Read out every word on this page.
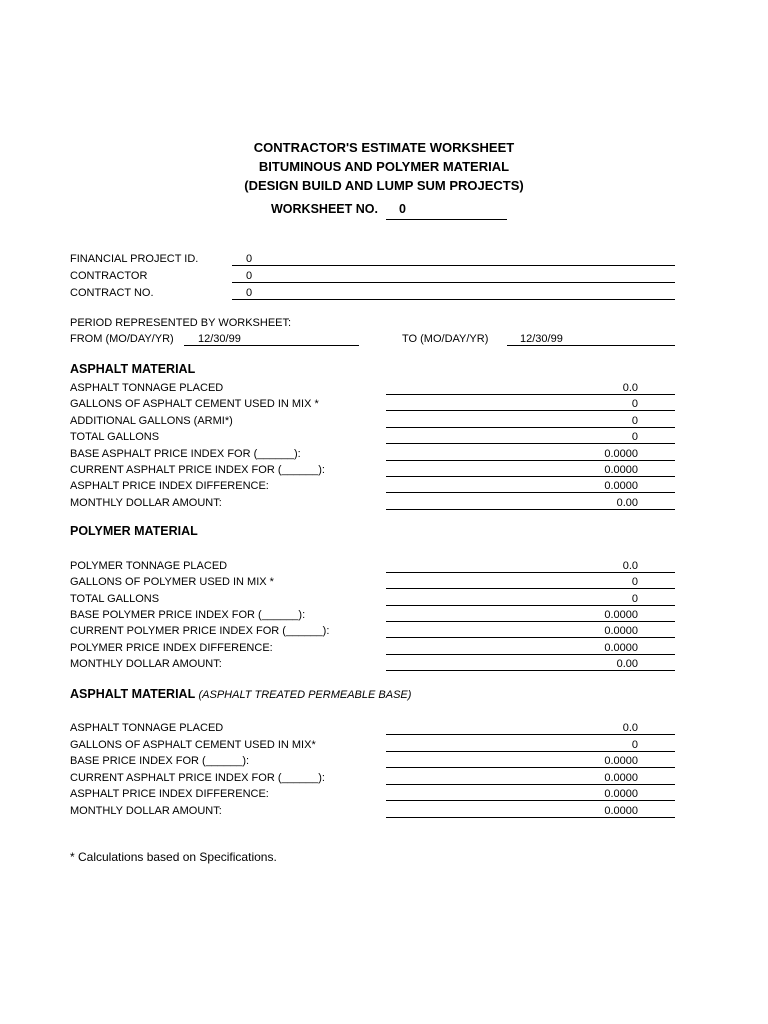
CONTRACTOR'S ESTIMATE WORKSHEET
BITUMINOUS AND POLYMER MATERIAL
(DESIGN BUILD AND LUMP SUM PROJECTS)
WORKSHEET NO.	0
FINANCIAL PROJECT ID.	0
CONTRACTOR	0
CONTRACT NO.	0
PERIOD REPRESENTED BY WORKSHEET:
FROM (MO/DAY/YR)	12/30/99	TO (MO/DAY/YR)	12/30/99
ASPHALT MATERIAL
ASPHALT TONNAGE PLACED	0.0
GALLONS OF ASPHALT CEMENT USED IN MIX *	0
ADDITIONAL GALLONS (ARMI*)	0
TOTAL GALLONS	0
BASE ASPHALT PRICE INDEX FOR (______):	0.0000
CURRENT ASPHALT PRICE INDEX FOR (______):	0.0000
ASPHALT PRICE INDEX DIFFERENCE:	0.0000
MONTHLY DOLLAR AMOUNT:	0.00
POLYMER MATERIAL
POLYMER TONNAGE PLACED	0.0
GALLONS OF POLYMER USED IN MIX *	0
TOTAL GALLONS	0
BASE POLYMER PRICE INDEX FOR (______):	0.0000
CURRENT POLYMER PRICE INDEX FOR (______):	0.0000
POLYMER PRICE INDEX DIFFERENCE:	0.0000
MONTHLY DOLLAR AMOUNT:	0.00
ASPHALT MATERIAL (ASPHALT TREATED PERMEABLE BASE)
ASPHALT TONNAGE PLACED	0.0
GALLONS OF ASPHALT CEMENT USED IN MIX*	0
BASE PRICE INDEX FOR (______):	0.0000
CURRENT ASPHALT PRICE INDEX FOR (______):	0.0000
ASPHALT PRICE INDEX DIFFERENCE:	0.0000
MONTHLY DOLLAR AMOUNT:	0.0000
* Calculations based on Specifications.
